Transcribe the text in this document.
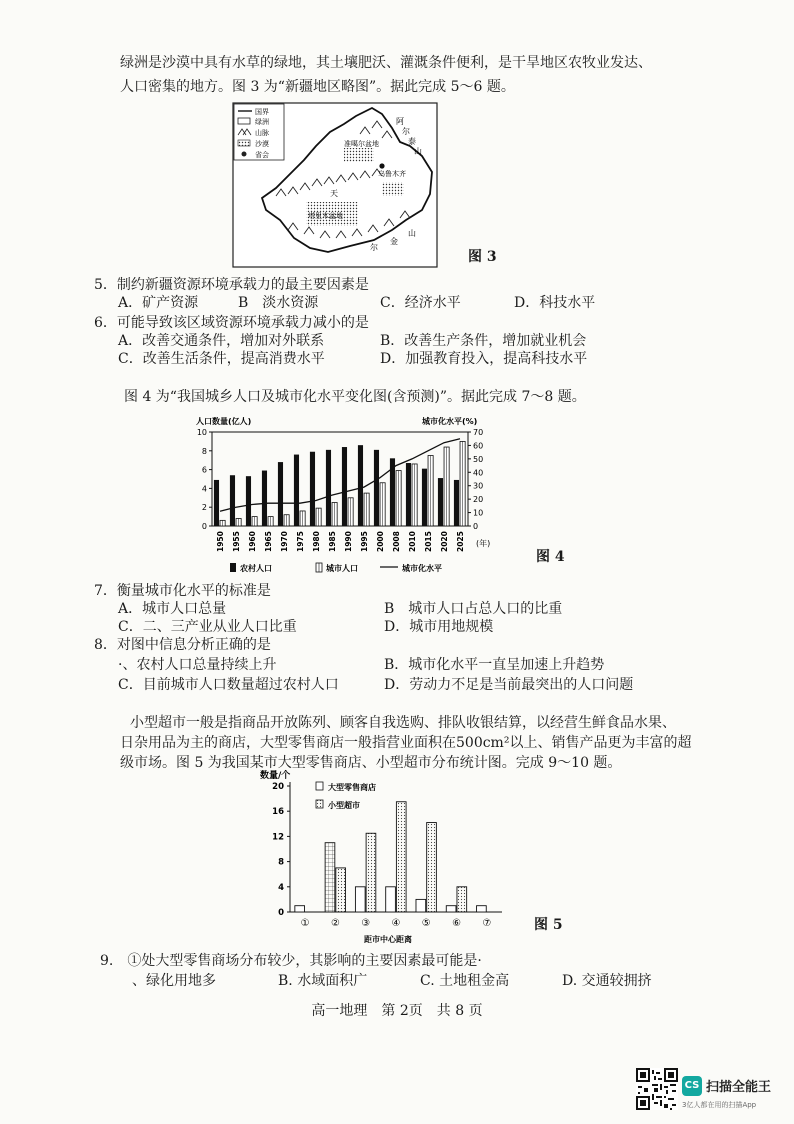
绿洲是沙漠中具有水草的绿地，其土壤肥沃、灌溉条件便利，是干旱地区农牧业发达、
人口密集的地方。图 3 为“新疆地区略图”。据此完成 5～6 题。
国界
绿洲
山脉
沙漠
省会
阿
尔
泰
山
准噶尔盆地
乌鲁木齐
天
塔里木盆地
尔
金
山
图 3
5．制约新疆资源环境承载力的最主要因素是
A．矿产资源	B　淡水资源	C．经济水平	D．科技水平
6．可能导致该区域资源环境承载力减小的是
A．改善交通条件，增加对外联系	B．改善生产条件，增加就业机会
C．改善生活条件，提高消费水平	D．加强教育投入，提高科技水平
图 4 为“我国城乡人口及城市化水平变化图(含预测)”。据此完成 7～8 题。
人口数量(亿人)	城市化水平(%)
(年)
0
2
4
6
8
10
0
10
20
30
40
50
60
70
1950 1955 1960 1965 1970 1975 1980 1985 1990 1995 2000 2008 2010 2015 2020 2025
农村人口	城市人口	城市化水平
图 4
7．衡量城市化水平的标准是
A．城市人口总量	B　城市人口占总人口的比重
C．二、三产业从业人口比重	D．城市用地规模
8．对图中信息分析正确的是
·、农村人口总量持续上升	B．城市化水平一直呈加速上升趋势
C．目前城市人口数量超过农村人口	D．劳动力不足是当前最突出的人口问题
小型超市一般是指商品开放陈列、顾客自我选购、排队收银结算，以经营生鲜食品水果、
日杂用品为主的商店，大型零售商店一般指营业面积在500cm²以上、销售产品更为丰富的超
级市场。图 5 为我国某市大型零售商店、小型超市分布统计图。完成 9～10 题。
数量/个
距市中心距离
0
4
8
12
16
20
① ② ③ ④ ⑤ ⑥ ⑦
大型零售商店
小型超市
图 5
9.　①处大型零售商场分布较少，其影响的主要因素最可能是·
、绿化用地多	B. 水域面积广	C. 土地租金高	D. 交通较拥挤
高一地理　第 2页　共 8 页
CS 扫描全能王
3亿人都在用的扫描App
